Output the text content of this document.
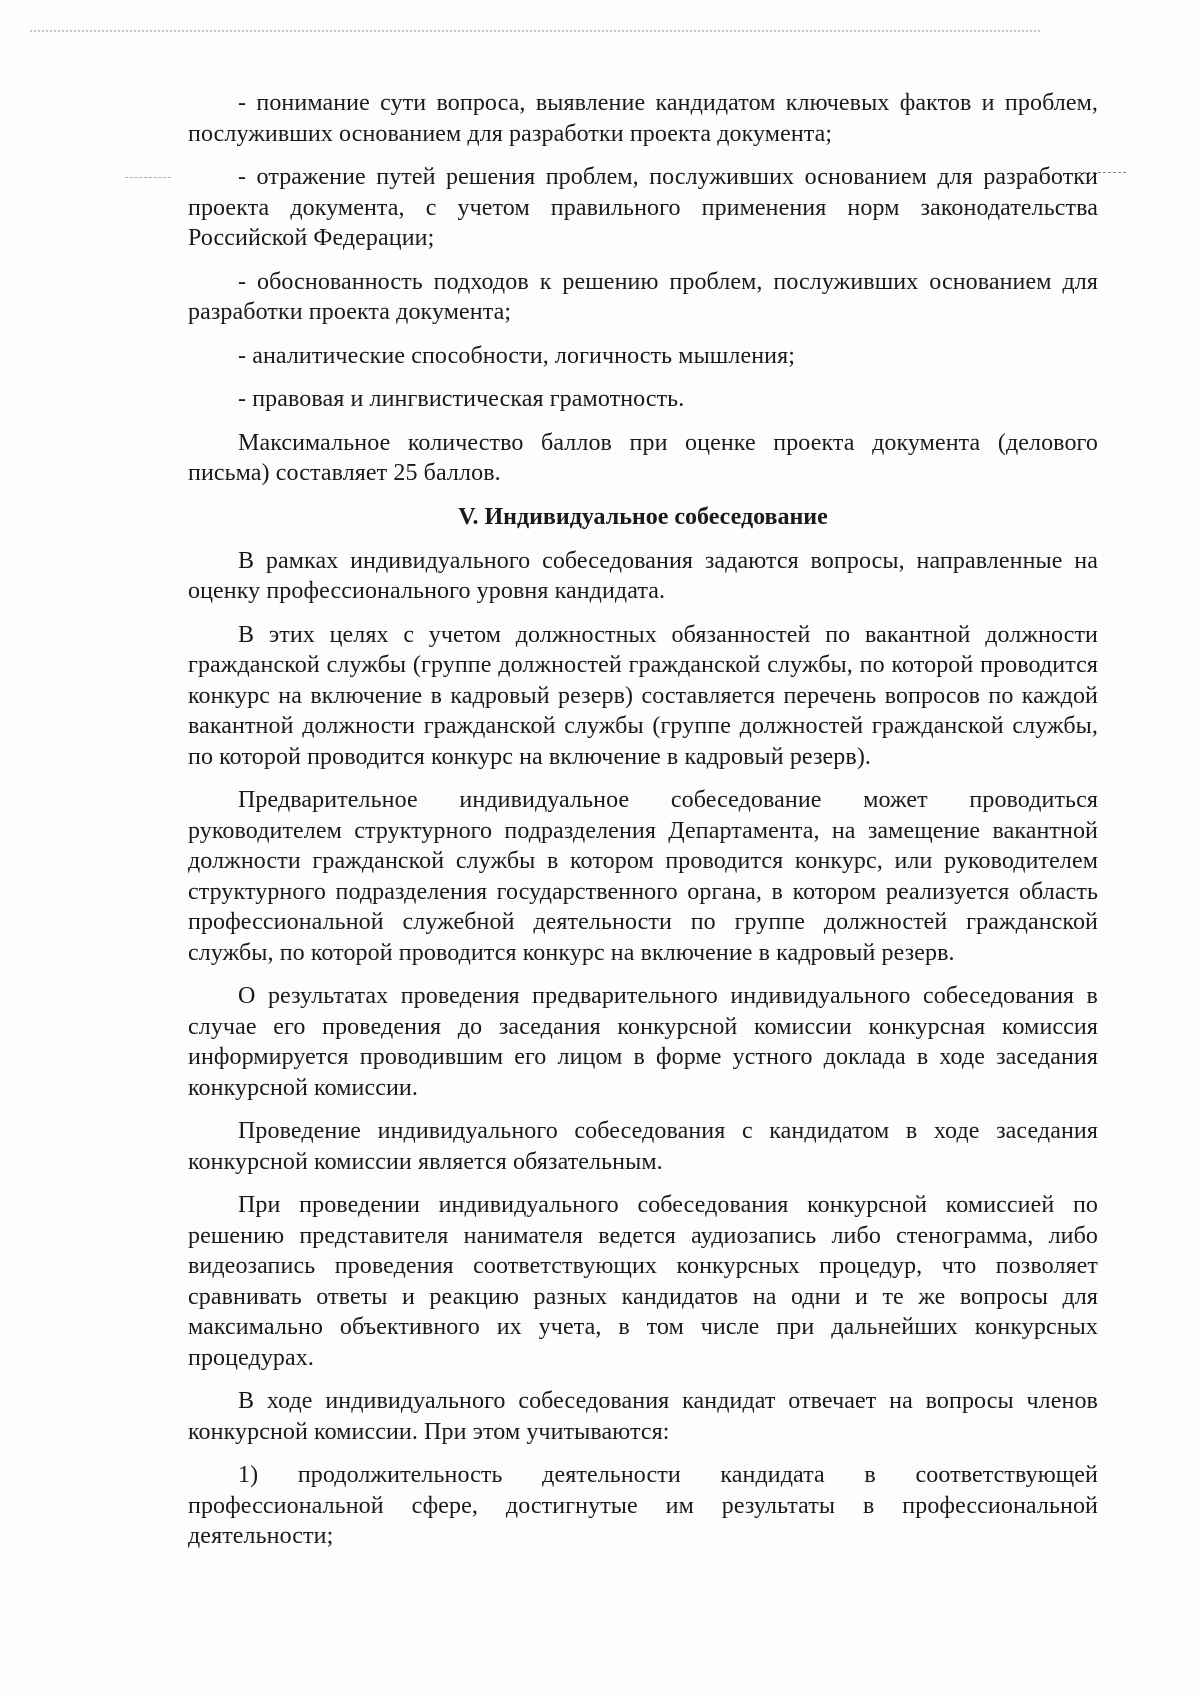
- понимание сути вопроса, выявление кандидатом ключевых фактов и проблем, послуживших основанием для разработки проекта документа;

- отражение путей решения проблем, послуживших основанием для разработки проекта документа, с учетом правильного применения норм законодательства Российской Федерации;

- обоснованность подходов к решению проблем, послуживших основанием для разработки проекта документа;

- аналитические способности, логичность мышления;

- правовая и лингвистическая грамотность.

Максимальное количество баллов при оценке проекта документа (делового письма) составляет 25 баллов.

V. Индивидуальное собеседование

В рамках индивидуального собеседования задаются вопросы, направленные на оценку профессионального уровня кандидата.

В этих целях с учетом должностных обязанностей по вакантной должности гражданской службы (группе должностей гражданской службы, по которой проводится конкурс на включение в кадровый резерв) составляется перечень вопросов по каждой вакантной должности гражданской службы (группе должностей гражданской службы, по которой проводится конкурс на включение в кадровый резерв).

Предварительное индивидуальное собеседование может проводиться руководителем структурного подразделения Департамента, на замещение вакантной должности гражданской службы в котором проводится конкурс, или руководителем структурного подразделения государственного органа, в котором реализуется область профессиональной служебной деятельности по группе должностей гражданской службы, по которой проводится конкурс на включение в кадровый резерв.

О результатах проведения предварительного индивидуального собеседования в случае его проведения до заседания конкурсной комиссии конкурсная комиссия информируется проводившим его лицом в форме устного доклада в ходе заседания конкурсной комиссии.

Проведение индивидуального собеседования с кандидатом в ходе заседания конкурсной комиссии является обязательным.

При проведении индивидуального собеседования конкурсной комиссией по решению представителя нанимателя ведется аудиозапись либо стенограмма, либо видеозапись проведения соответствующих конкурсных процедур, что позволяет сравнивать ответы и реакцию разных кандидатов на одни и те же вопросы для максимально объективного их учета, в том числе при дальнейших конкурсных процедурах.

В ходе индивидуального собеседования кандидат отвечает на вопросы членов конкурсной комиссии. При этом учитываются:

1) продолжительность деятельности кандидата в соответствующей профессиональной сфере, достигнутые им результаты в профессиональной деятельности;
